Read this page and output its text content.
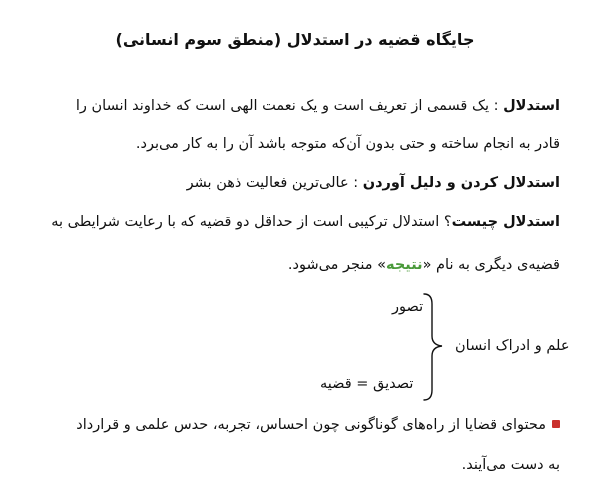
جایگاه قضیه در استدلال (منطق سوم انسانی)
استدلال : یک قسمی از تعریف است و یک نعمت الهی است که خداوند انسان را
قادر به انجام ساخته و حتی بدون آن‌که متوجه باشد آن را به کار می‌برد.
استدلال کردن و دلیل آوردن : عالی‌ترین فعالیت ذهن بشر
استدلال چیست؟ استدلال ترکیبی است از حداقل دو قضیه که با رعایت شرایطی به
قضیه‌ی دیگری به نام «نتیجه» منجر می‌شود.
تصور
علم و ادراک انسان
تصدیق = قضیه
محتوای قضایا از راه‌های گوناگونی چون احساس، تجربه، حدس علمی و قرارداد
به دست می‌آیند.
